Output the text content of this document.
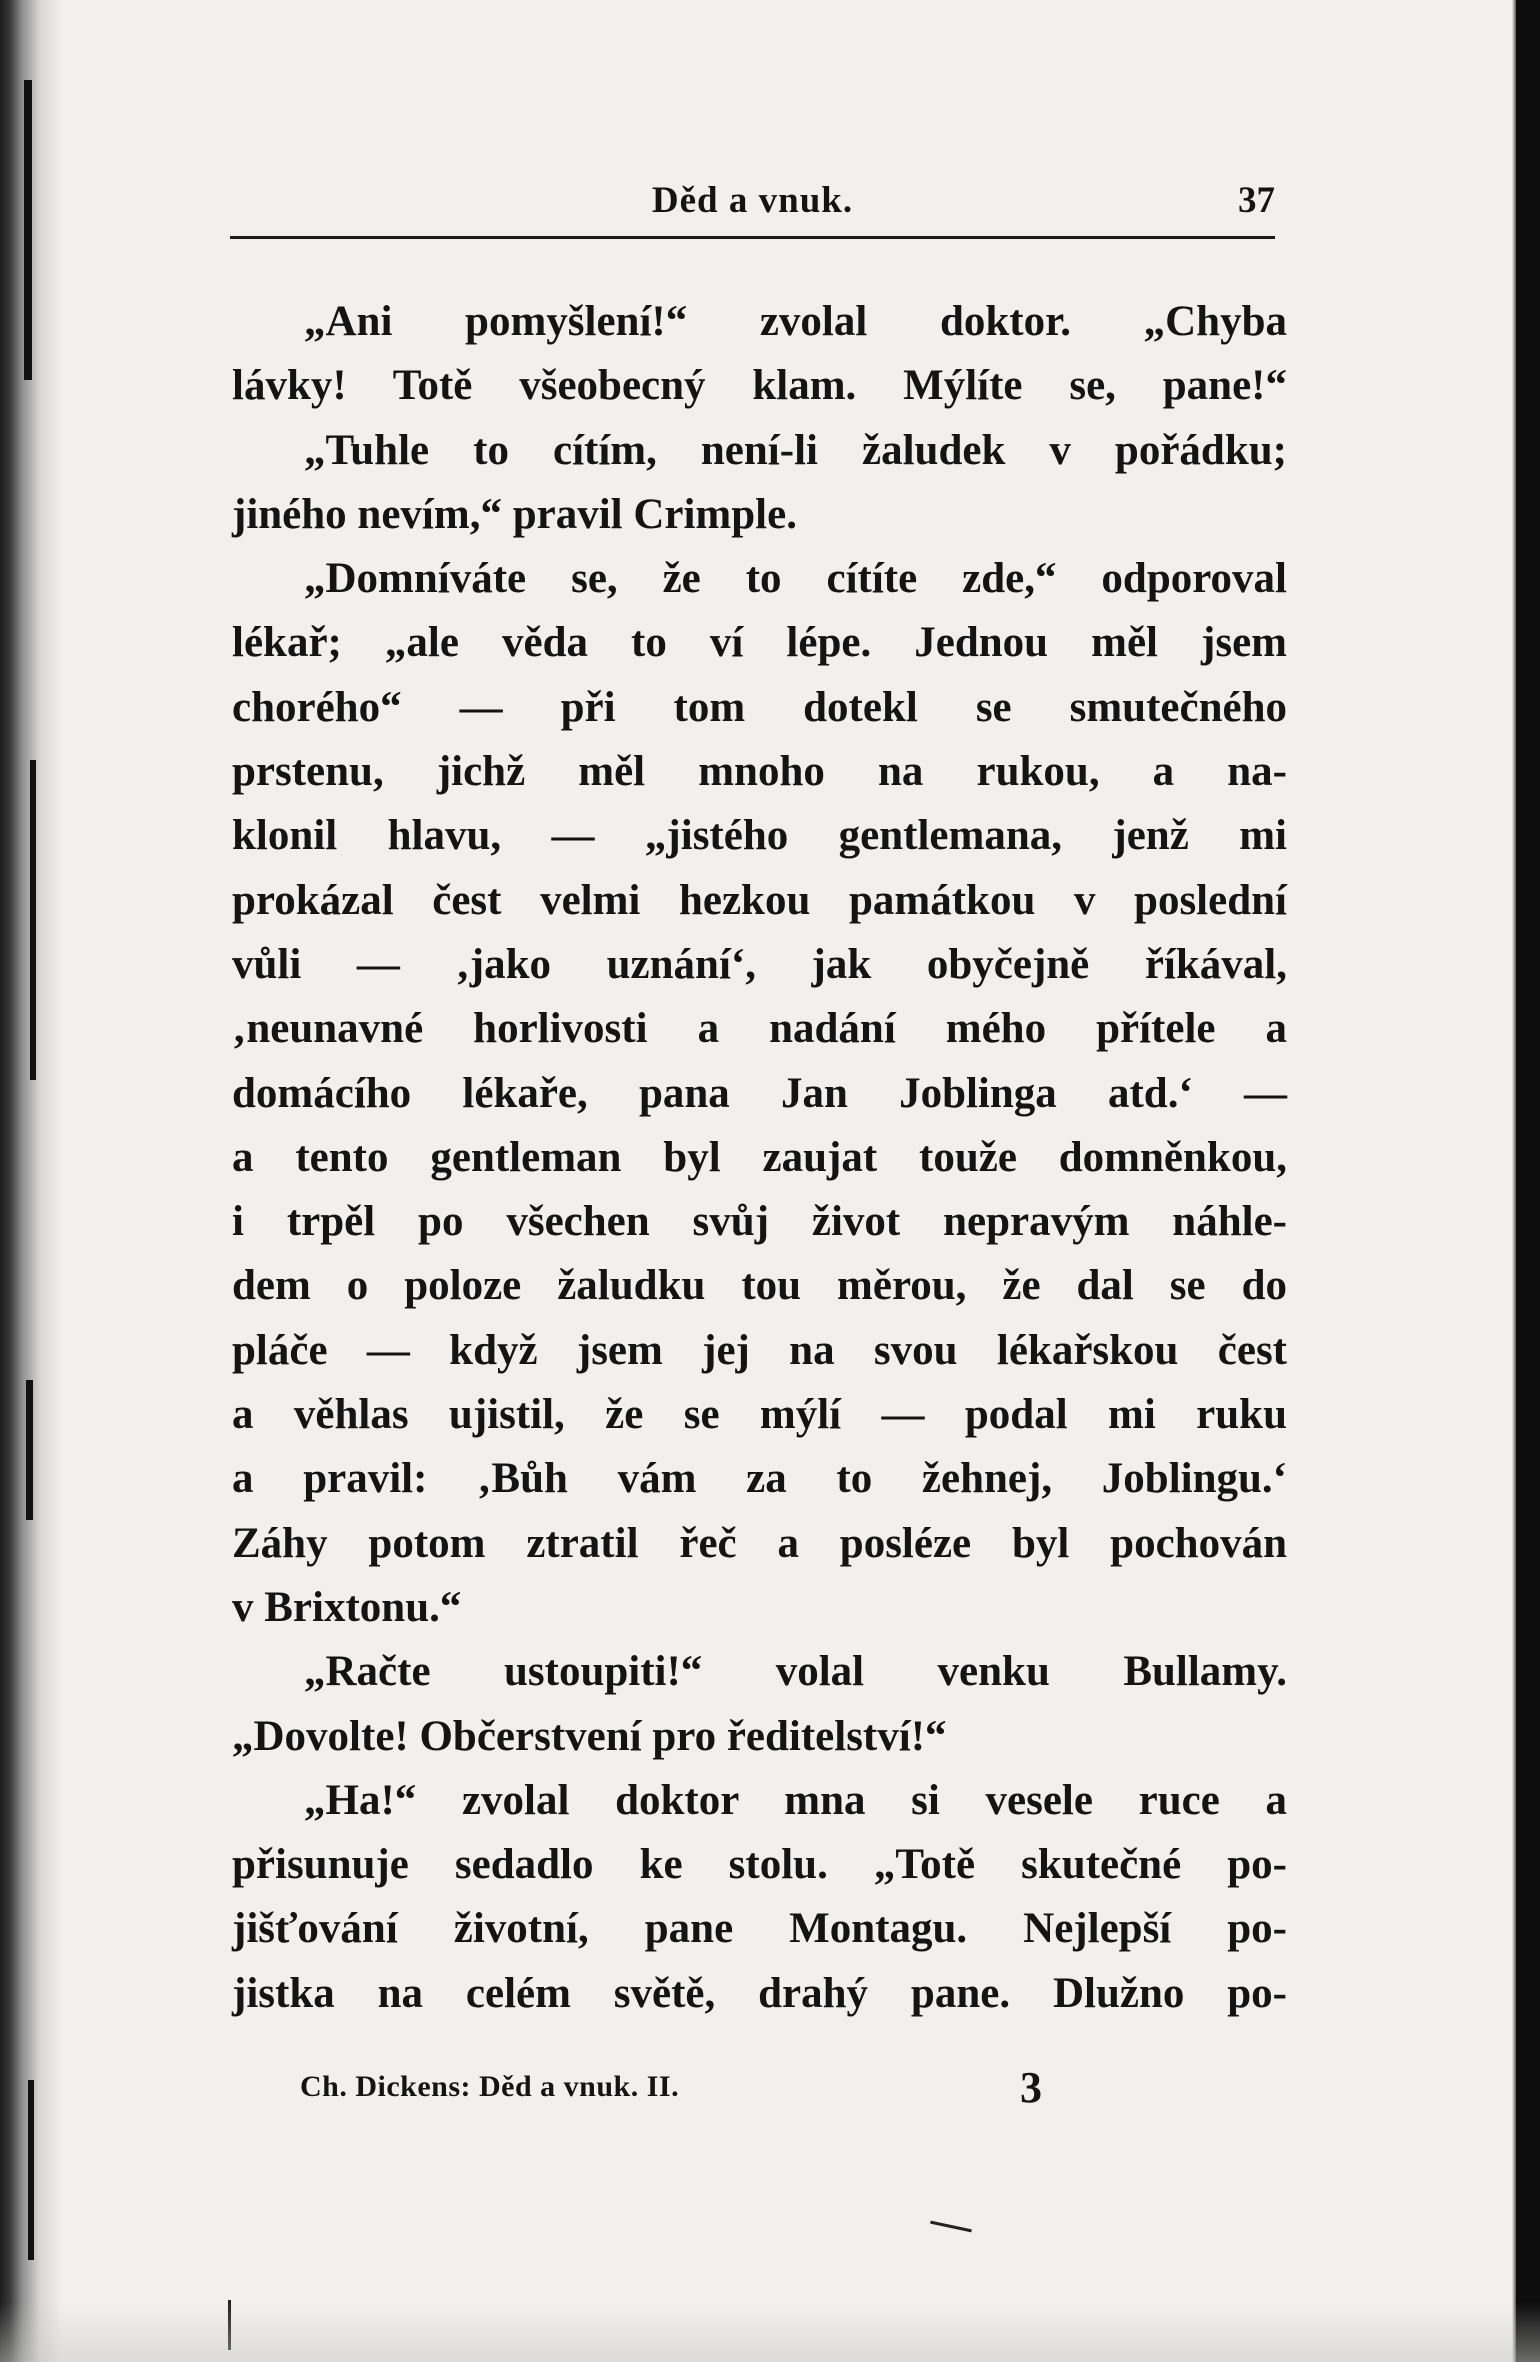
Děd a vnuk.	37
„Ani pomyšlení!“ zvolal doktor. „Chyba
lávky! Totě všeobecný klam. Mýlíte se, pane!“
„Tuhle to cítím, není-li žaludek v pořádku;
jiného nevím,“ pravil Crimple.
„Domníváte se, že to cítíte zde,“ odporoval
lékař; „ale věda to ví lépe. Jednou měl jsem
chorého“ — při tom dotekl se smutečného
prstenu, jichž měl mnoho na rukou, a na-
klonil hlavu, — „jistého gentlemana, jenž mi
prokázal čest velmi hezkou památkou v poslední
vůli — ‚jako uznání‘, jak obyčejně říkával,
‚neunavné horlivosti a nadání mého přítele a
domácího lékaře, pana Jan Joblinga atd.‘ —
a tento gentleman byl zaujat touže domněnkou,
i trpěl po všechen svůj život nepravým náhle-
dem o poloze žaludku tou měrou, že dal se do
pláče — když jsem jej na svou lékařskou čest
a věhlas ujistil, že se mýlí — podal mi ruku
a pravil: ‚Bůh vám za to žehnej, Joblingu.‘
Záhy potom ztratil řeč a posléze byl pochován
v Brixtonu.“
„Račte ustoupiti!“ volal venku Bullamy.
„Dovolte! Občerstvení pro ředitelství!“
„Ha!“ zvolal doktor mna si vesele ruce a
přisunuje sedadlo ke stolu. „Totě skutečné po-
jišťování životní, pane Montagu. Nejlepší po-
jistka na celém světě, drahý pane. Dlužno po-
Ch. Dickens: Děd a vnuk. II.	3
